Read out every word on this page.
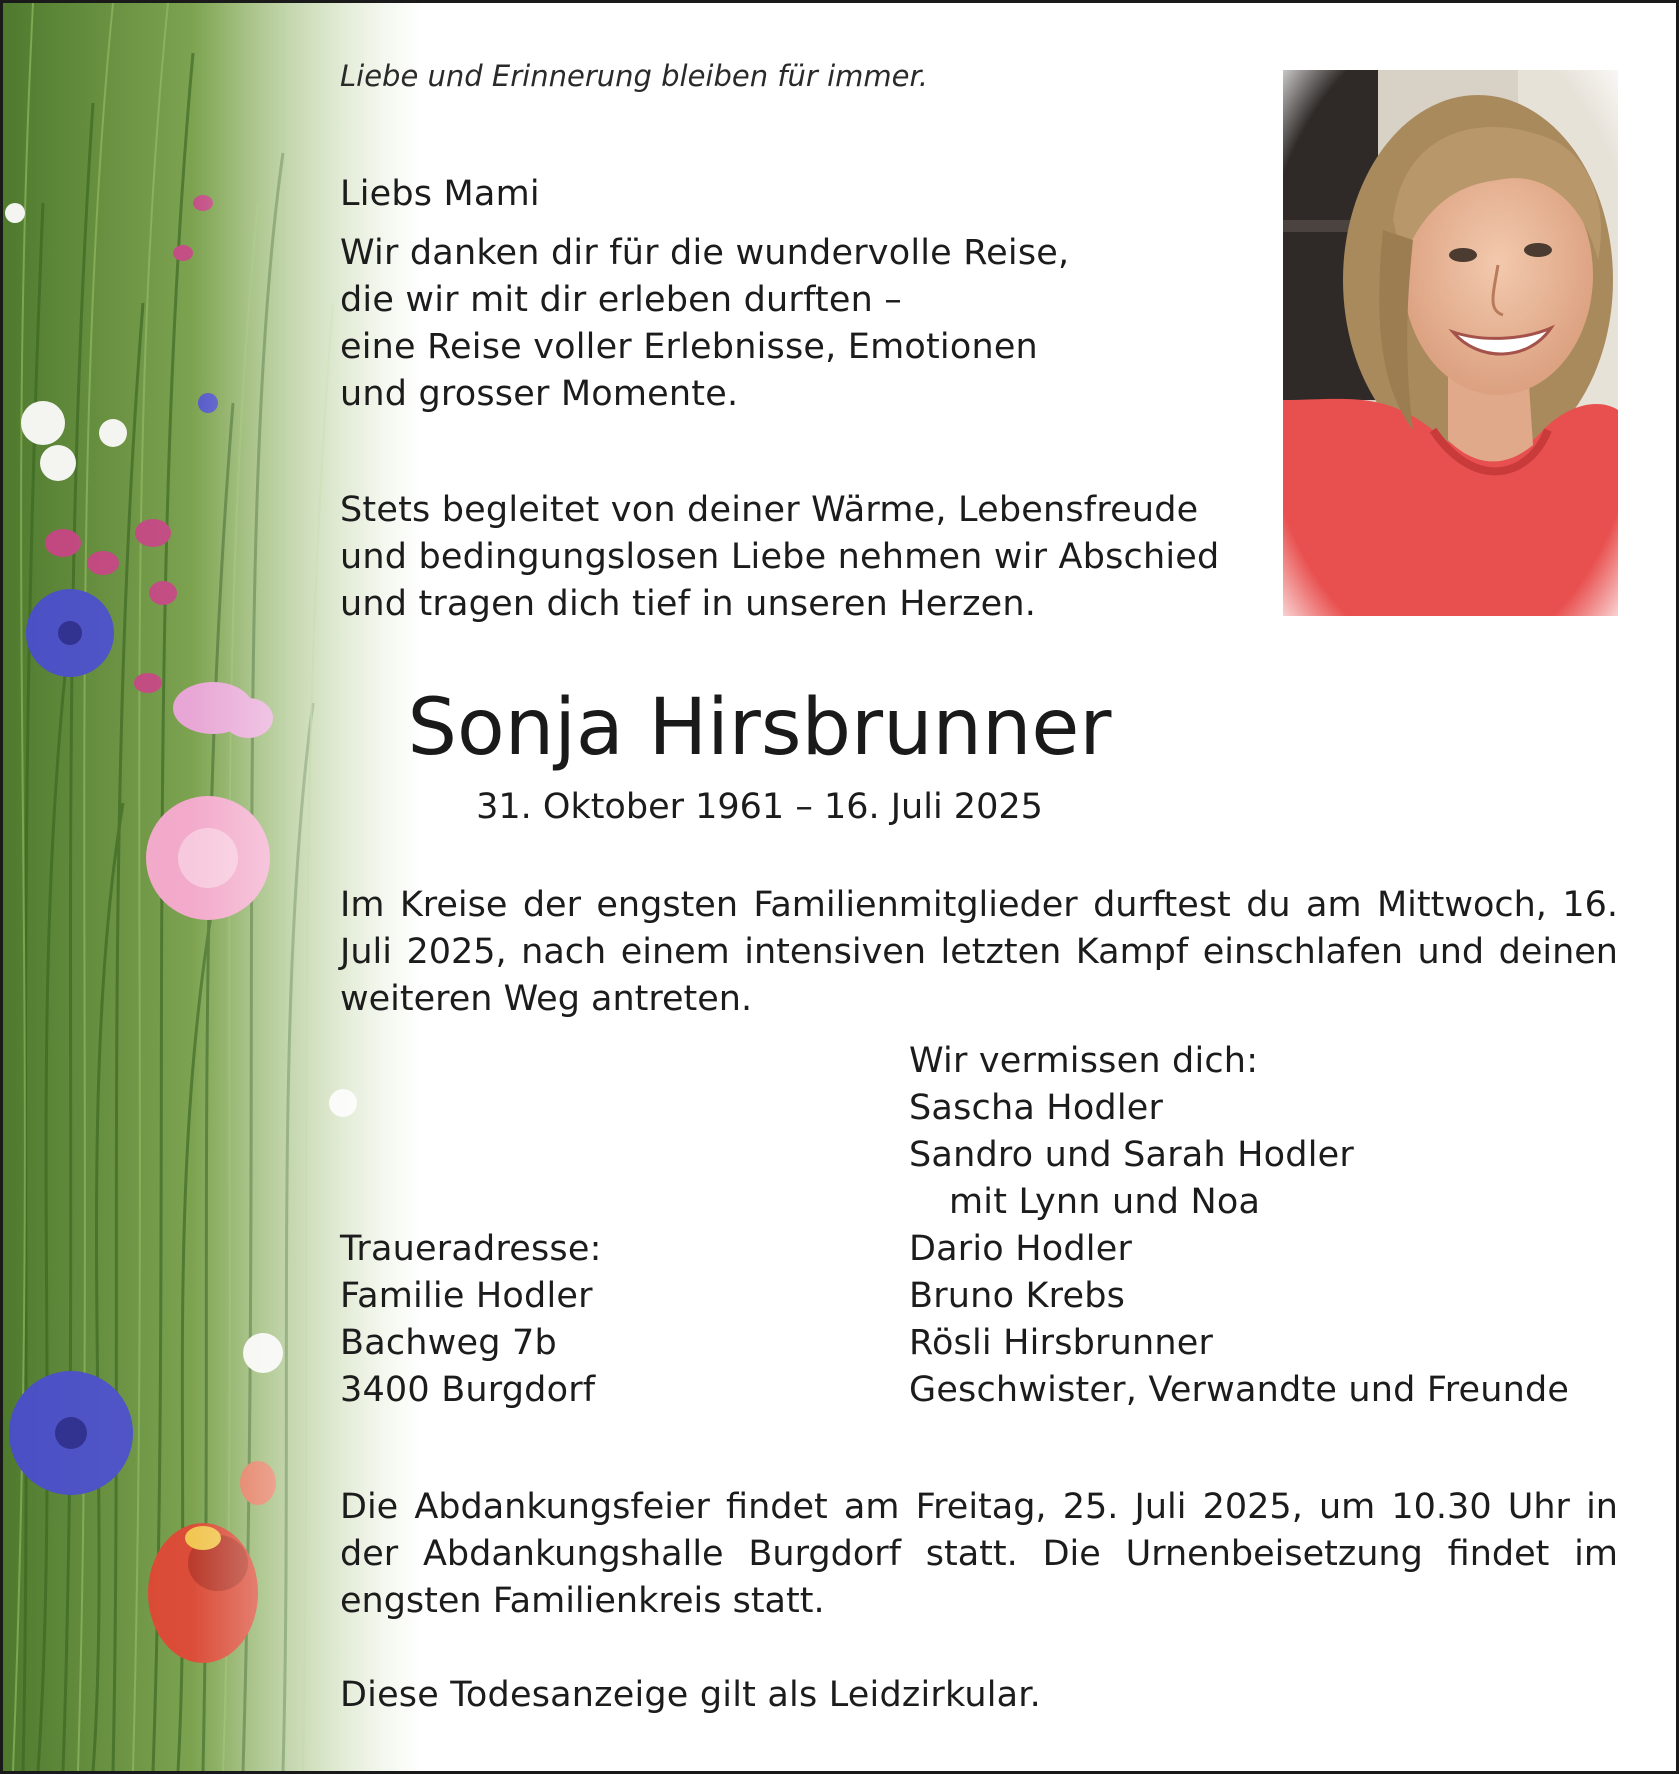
Liebe und Erinnerung bleiben für immer.
Liebs Mami
Wir danken dir für die wundervolle Reise,
die wir mit dir erleben durften –
eine Reise voller Erlebnisse, Emotionen
und grosser Momente.
Stets begleitet von deiner Wärme, Lebensfreude
und bedingungslosen Liebe nehmen wir Abschied
und tragen dich tief in unseren Herzen.
Sonja Hirsbrunner
31. Oktober 1961 – 16. Juli 2025
Im Kreise der engsten Familienmitglieder durftest du am Mittwoch, 16. Juli 2025, nach einem intensiven letzten Kampf einschlafen und deinen weiteren Weg antreten.
Wir vermissen dich:
Sascha Hodler
Sandro und Sarah Hodler
mit Lynn und Noa
Dario Hodler
Bruno Krebs
Rösli Hirsbrunner
Geschwister, Verwandte und Freunde
Traueradresse:
Familie Hodler
Bachweg 7b
3400 Burgdorf
Die Abdankungsfeier findet am Freitag, 25. Juli 2025, um 10.30 Uhr in der Abdankungshalle Burgdorf statt. Die Urnenbeisetzung findet im engsten Familienkreis statt.
Diese Todesanzeige gilt als Leidzirkular.
